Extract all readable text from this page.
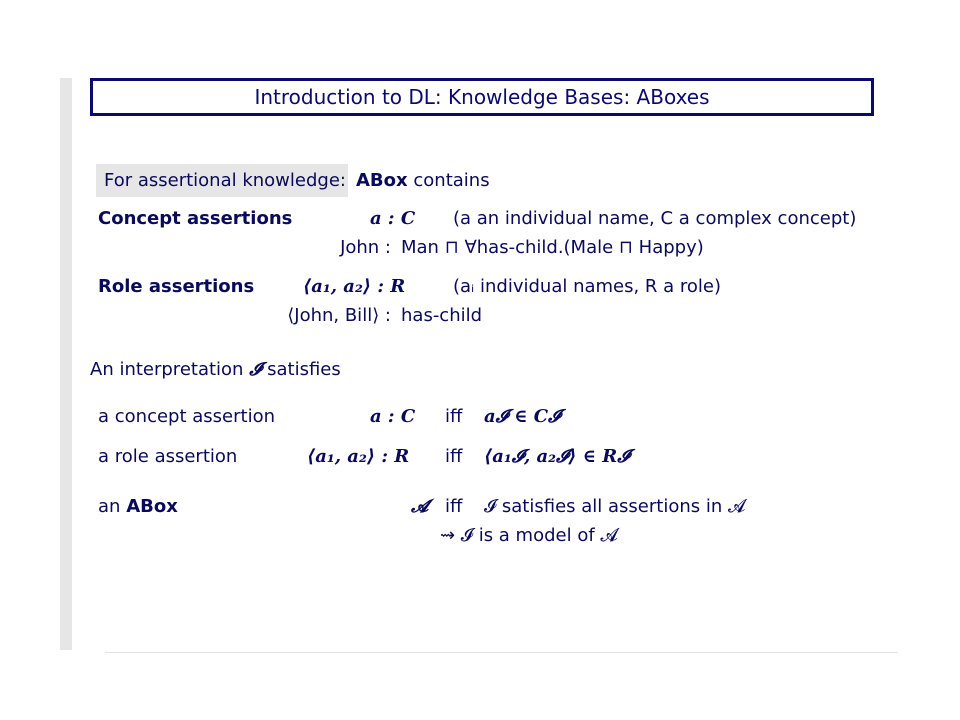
Introduction to DL: Knowledge Bases: ABoxes
For assertional knowledge: ABox contains
Concept assertions	a : C (a an individual name, C a complex concept)
John : Man ⊓ ∀has-child.(Male ⊓ Happy)
Role assertions	⟨a₁, a₂⟩ : R	(aᵢ individual names, R a role)
⟨John, Bill⟩ : has-child
An interpretation 𝓘 satisfies
a concept assertion	a : C iff a𝓘 ∈ C𝓘
a role assertion	⟨a₁, a₂⟩ : R iff ⟨a₁𝓘, a₂𝓘⟩ ∈ R𝓘
an ABox	𝓐 iff 𝓘 satisfies all assertions in 𝓐
⇝ 𝓘 is a model of 𝓐
